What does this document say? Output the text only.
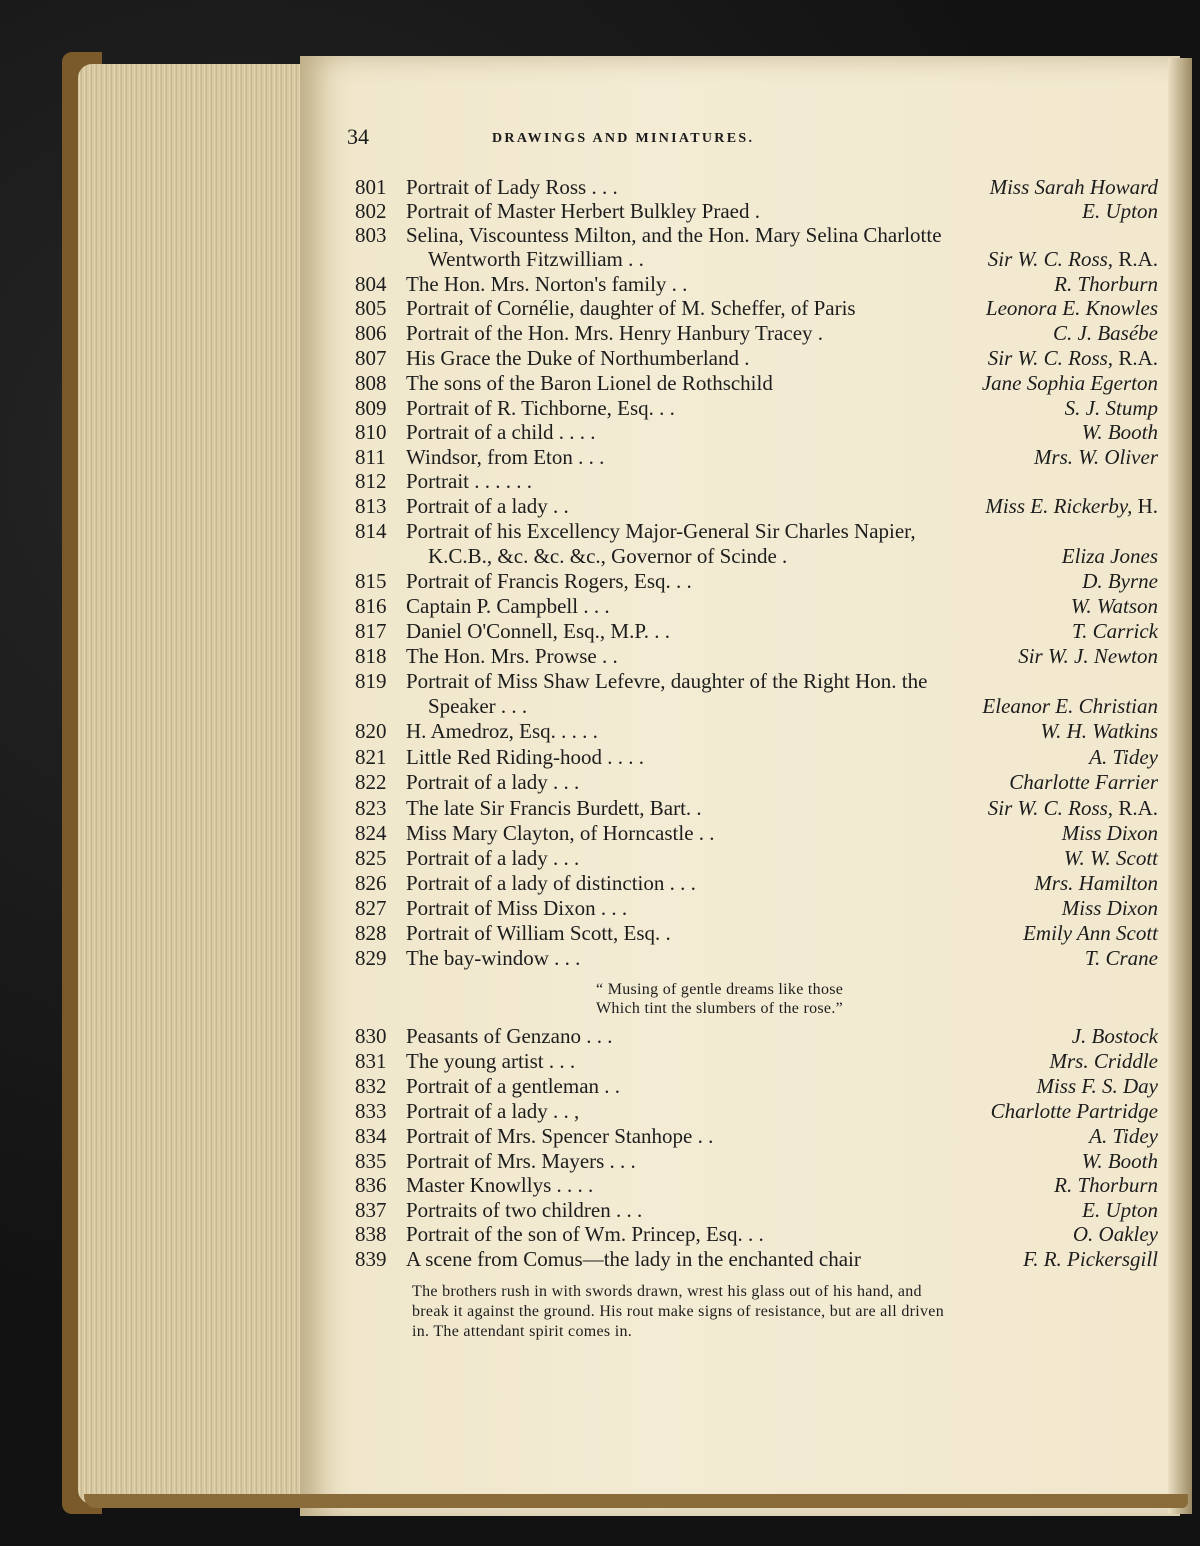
34	DRAWINGS AND MINIATURES.
801 Portrait of Lady Ross . . .	Miss Sarah Howard
802 Portrait of Master Herbert Bulkley Praed .	E. Upton
803 Selina, Viscountess Milton, and the Hon. Mary Selina Charlotte
Wentworth Fitzwilliam . .	Sir W. C. Ross, R.A.
804 The Hon. Mrs. Norton's family . .	R. Thorburn
805 Portrait of Cornélie, daughter of M. Scheffer, of Paris	Leonora E. Knowles
806 Portrait of the Hon. Mrs. Henry Hanbury Tracey .	C. J. Basébe
807 His Grace the Duke of Northumberland .	Sir W. C. Ross, R.A.
808 The sons of the Baron Lionel de Rothschild	Jane Sophia Egerton
809 Portrait of R. Tichborne, Esq. . .	S. J. Stump
810 Portrait of a child . . . .	W. Booth
811 Windsor, from Eton . . .	Mrs. W. Oliver
812 Portrait . . . . . .
813 Portrait of a lady . .	Miss E. Rickerby, H.
814 Portrait of his Excellency Major-General Sir Charles Napier,
K.C.B., &c. &c. &c., Governor of Scinde .	Eliza Jones
815 Portrait of Francis Rogers, Esq. . .	D. Byrne
816 Captain P. Campbell . . .	W. Watson
817 Daniel O'Connell, Esq., M.P. . .	T. Carrick
818 The Hon. Mrs. Prowse . .	Sir W. J. Newton
819 Portrait of Miss Shaw Lefevre, daughter of the Right Hon. the
Speaker . . .	Eleanor E. Christian
820 H. Amedroz, Esq. . . . .	W. H. Watkins
821 Little Red Riding-hood . . . .	A. Tidey
822 Portrait of a lady . . .	Charlotte Farrier
823 The late Sir Francis Burdett, Bart. .	Sir W. C. Ross, R.A.
824 Miss Mary Clayton, of Horncastle . .	Miss Dixon
825 Portrait of a lady . . .	W. W. Scott
826 Portrait of a lady of distinction . . .	Mrs. Hamilton
827 Portrait of Miss Dixon . . .	Miss Dixon
828 Portrait of William Scott, Esq. .	Emily Ann Scott
829 The bay-window . . .	T. Crane
“ Musing of gentle dreams like those
Which tint the slumbers of the rose.”
830 Peasants of Genzano . . .	J. Bostock
831 The young artist . . .	Mrs. Criddle
832 Portrait of a gentleman . .	Miss F. S. Day
833 Portrait of a lady . . ,	Charlotte Partridge
834 Portrait of Mrs. Spencer Stanhope . .	A. Tidey
835 Portrait of Mrs. Mayers . . .	W. Booth
836 Master Knowllys . . . .	R. Thorburn
837 Portraits of two children . . .	E. Upton
838 Portrait of the son of Wm. Princep, Esq. . .	O. Oakley
839 A scene from Comus—the lady in the enchanted chair	F. R. Pickersgill
The brothers rush in with swords drawn, wrest his glass out of his hand, and
break it against the ground. His rout make signs of resistance, but are all driven
in. The attendant spirit comes in.
